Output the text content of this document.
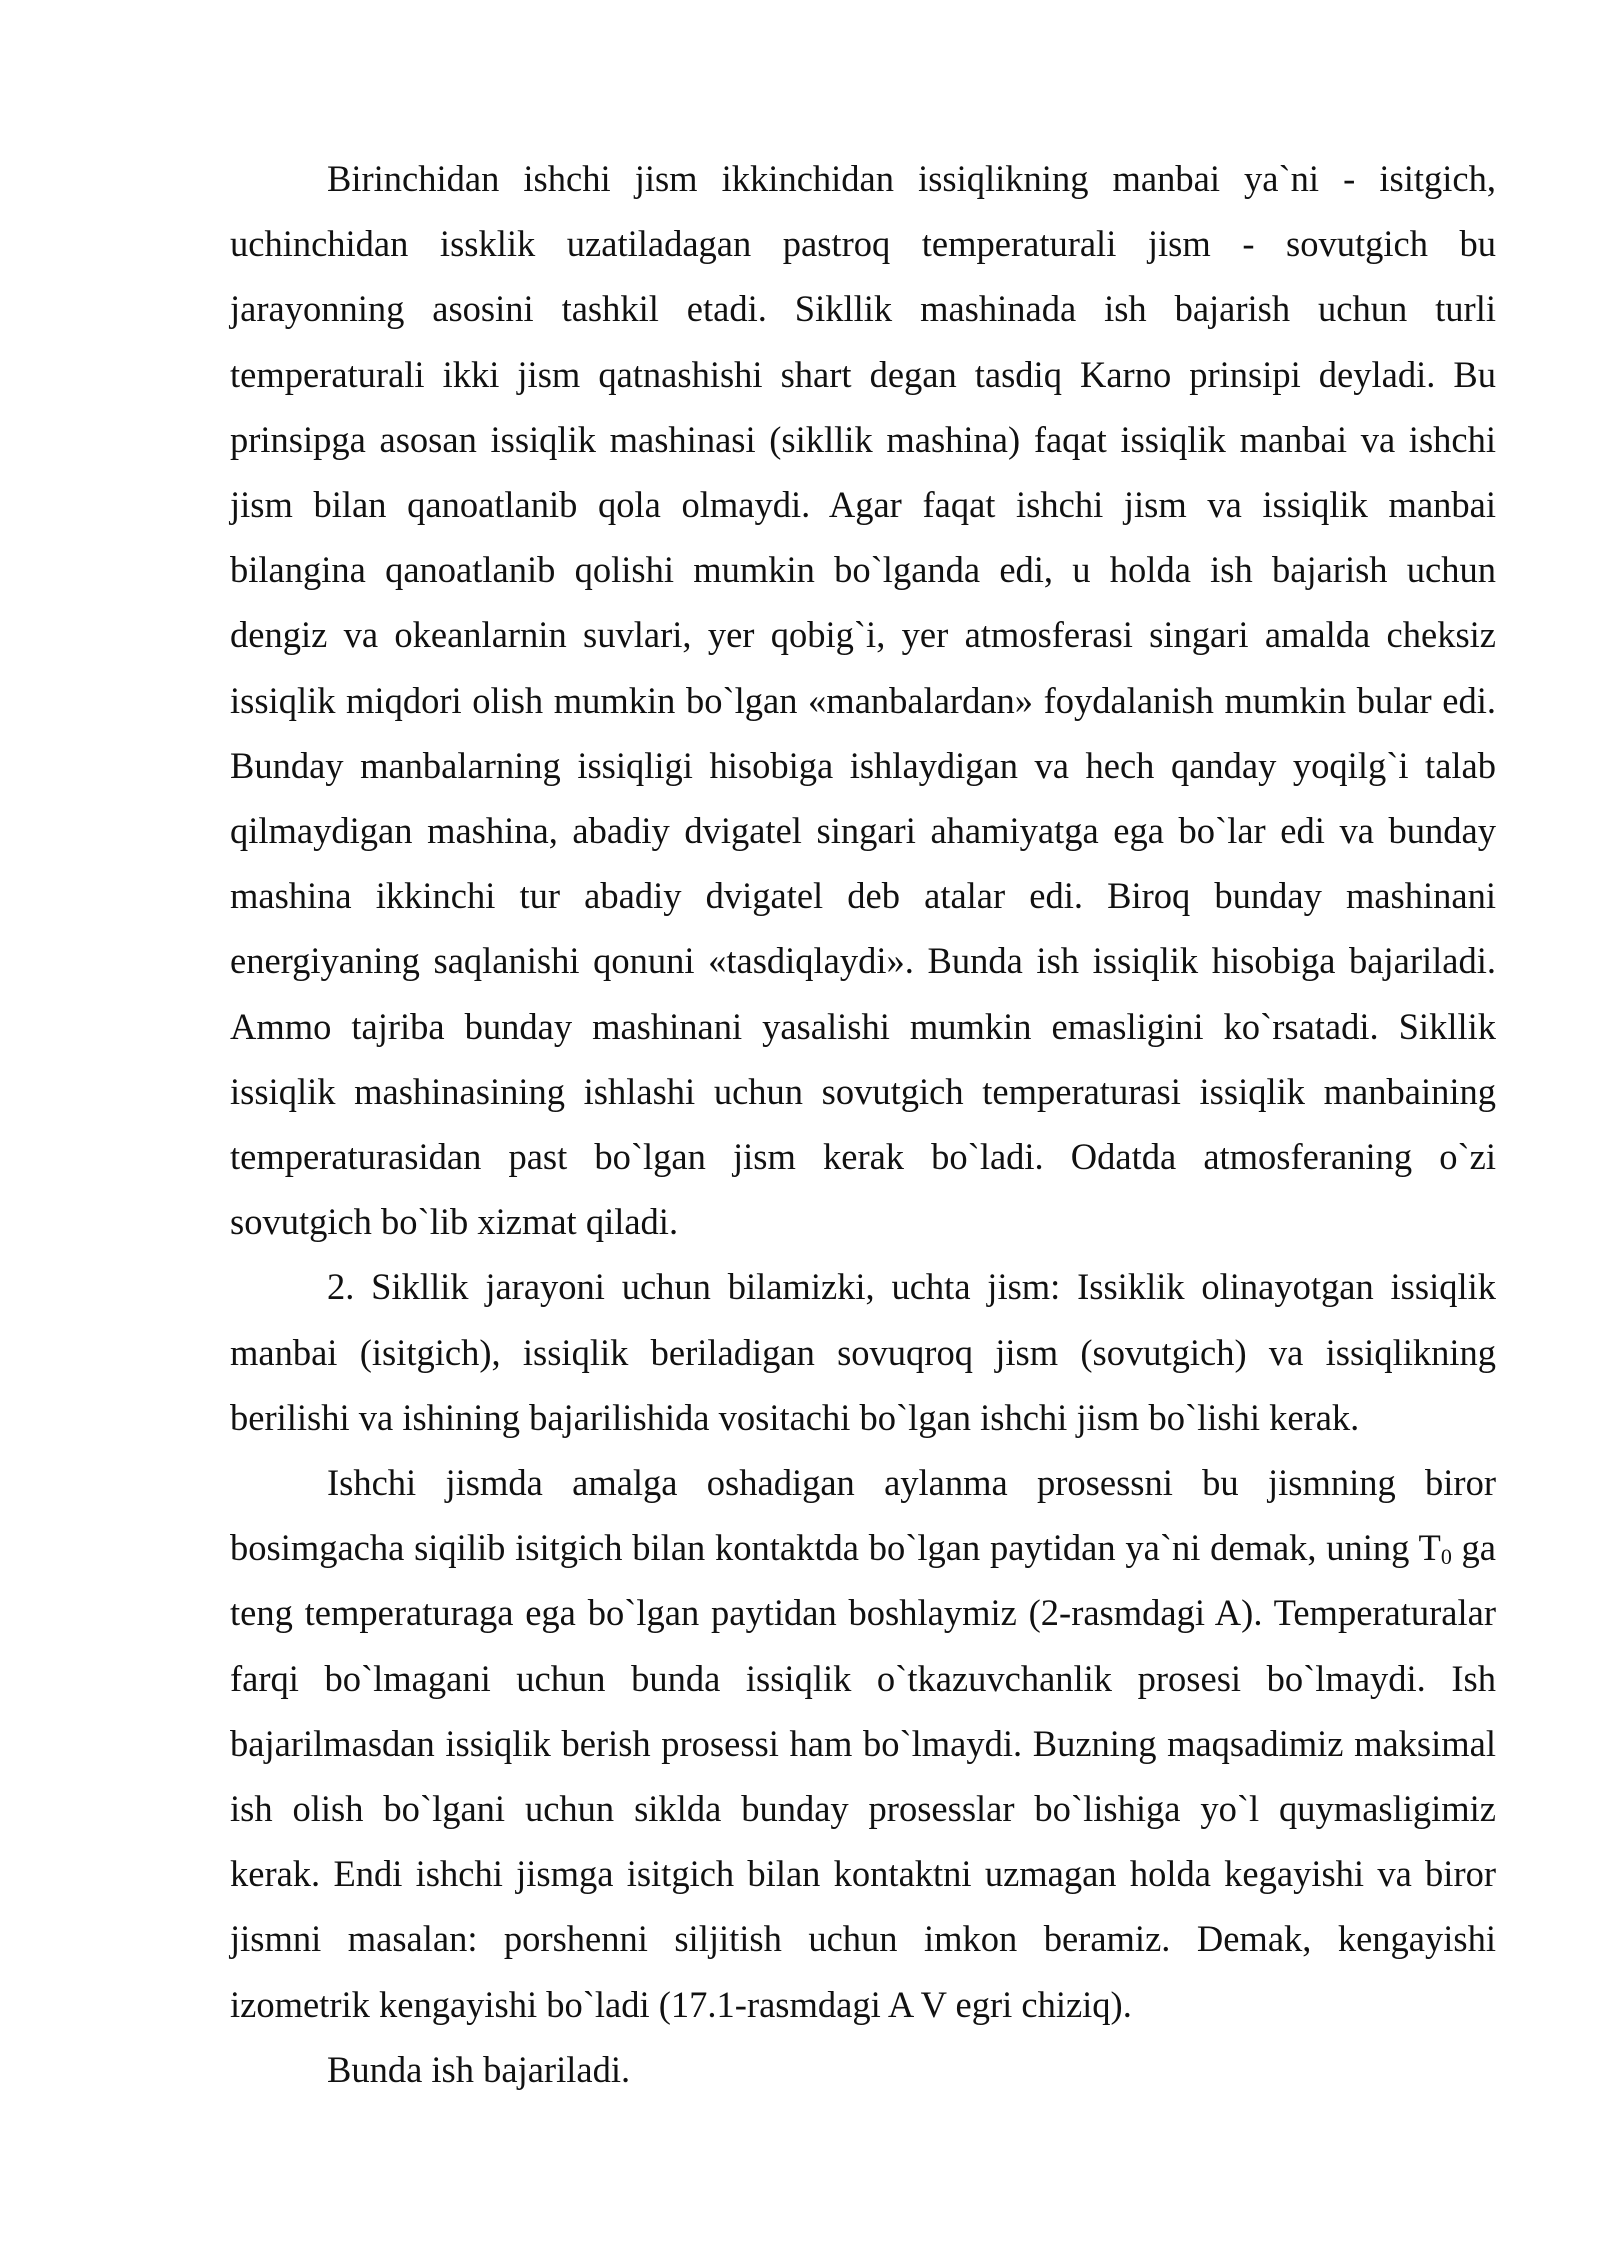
Birinchidan ishchi jism ikkinchidan issiqlikning manbai ya`ni - isitgich, uchinchidan issklik uzatiladagan pastroq temperaturali jism - sovutgich bu jarayonning asosini tashkil etadi. Sikllik mashinada ish bajarish uchun turli temperaturali ikki jism qatnashishi shart degan tasdiq Karno prinsipi deyladi. Bu prinsipga asosan issiqlik mashinasi (sikllik mashina) faqat issiqlik manbai va ishchi jism bilan qanoatlanib qola olmaydi. Agar faqat ishchi jism va issiqlik manbai bilangina qanoatlanib qolishi mumkin bo`lganda edi, u holda ish bajarish uchun dengiz va okeanlarnin suvlari, yer qobig`i, yer atmosferasi singari amalda cheksiz issiqlik miqdori olish mumkin bo`lgan «manbalardan» foydalanish mumkin bular edi. Bunday manbalarning issiqligi hisobiga ishlaydigan va hech qanday yoqilg`i talab qilmaydigan mashina, abadiy dvigatel singari ahamiyatga ega bo`lar edi va bunday mashina ikkinchi tur abadiy dvigatel deb atalar edi. Biroq bunday mashinani energiyaning saqlanishi qonuni «tasdiqlaydi». Bunda ish issiqlik hisobiga bajariladi. Ammo tajriba bunday mashinani yasalishi mumkin emasligini ko`rsatadi. Sikllik issiqlik mashinasining ishlashi uchun sovutgich temperaturasi issiqlik manbaining temperaturasidan past bo`lgan jism kerak bo`ladi. Odatda atmosferaning o`zi sovutgich bo`lib xizmat qiladi.

2. Sikllik jarayoni uchun bilamizki, uchta jism: Issiklik olinayotgan issiqlik manbai (isitgich), issiqlik beriladigan sovuqroq jism (sovutgich) va issiqlikning berilishi va ishining bajarilishida vositachi bo`lgan ishchi jism bo`lishi kerak.

Ishchi jismda amalga oshadigan aylanma prosessni bu jismning biror bosimgacha siqilib isitgich bilan kontaktda bo`lgan paytidan ya`ni demak, uning $T_0$ ga teng temperaturaga ega bo`lgan paytidan boshlaymiz (2-rasmdagi A). Temperaturalar farqi bo`lmagani uchun bunda issiqlik o`tkazuvchanlik prosesi bo`lmaydi. Ish bajarilmasdan issiqlik berish prosessi ham bo`lmaydi. Buzning maqsadimiz maksimal ish olish bo`lgani uchun siklda bunday prosesslar bo`lishiga yo`l quymasligimiz kerak. Endi ishchi jismga isitgich bilan kontaktni uzmagan holda kegayishi va biror jismni masalan: porshenni siljitish uchun imkon beramiz. Demak, kengayishi izometrik kengayishi bo`ladi (17.1-rasmdagi A V egri chiziq).

Bunda ish bajariladi.
